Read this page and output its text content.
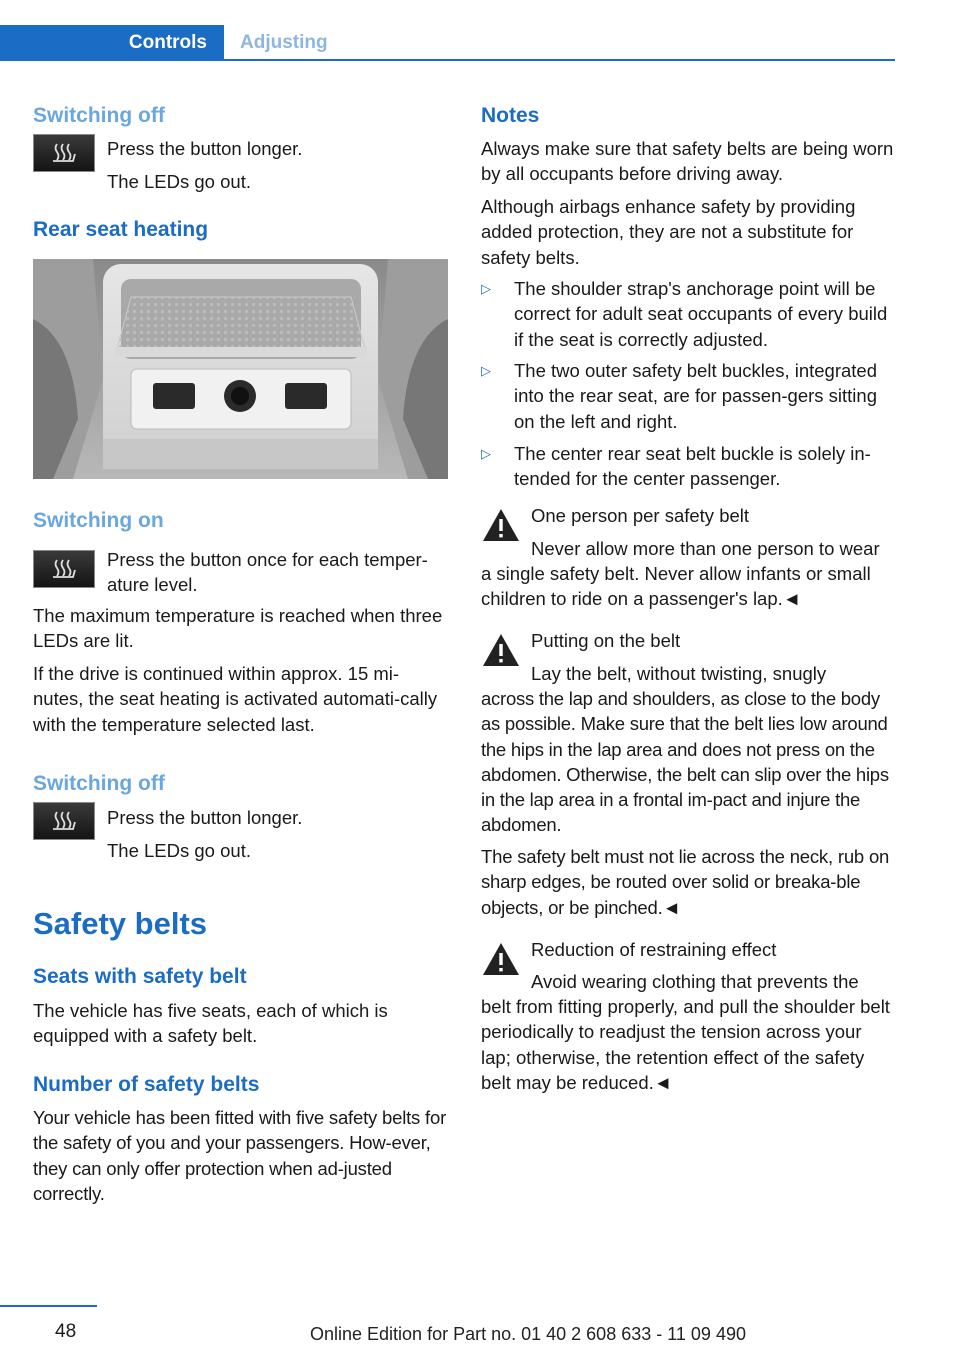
Controls	Adjusting
Switching off
Press the button longer.
The LEDs go out.
Rear seat heating
Switching on
Press the button once for each temper-
ature level.
The maximum temperature is reached when three LEDs are lit.
If the drive is continued within approx. 15 mi-nutes, the seat heating is activated automati-cally with the temperature selected last.
Switching off
Press the button longer.
The LEDs go out.
Safety belts
Seats with safety belt
The vehicle has five seats, each of which is equipped with a safety belt.
Number of safety belts
Your vehicle has been fitted with five safety belts for the safety of you and your passengers. How-ever, they can only offer protection when ad-justed correctly.
Notes
Always make sure that safety belts are being worn by all occupants before driving away.
Although airbags enhance safety by providing added protection, they are not a substitute for safety belts.
▷ The shoulder strap's anchorage point will be correct for adult seat occupants of every build if the seat is correctly adjusted.
▷ The two outer safety belt buckles, integrated into the rear seat, are for passen-gers sitting on the left and right.
▷ The center rear seat belt buckle is solely in-tended for the center passenger.
One person per safety belt
Never allow more than one person to wear
a single safety belt. Never allow infants or small children to ride on a passenger's lap.◄
Putting on the belt
Lay the belt, without twisting, snugly
across the lap and shoulders, as close to the body as possible. Make sure that the belt lies low around the hips in the lap area and does not press on the abdomen. Otherwise, the belt can slip over the hips in the lap area in a frontal im-pact and injure the abdomen.
The safety belt must not lie across the neck, rub on sharp edges, be routed over solid or breaka-ble objects, or be pinched.◄
Reduction of restraining effect
Avoid wearing clothing that prevents the
belt from fitting properly, and pull the shoulder belt periodically to readjust the tension across your lap; otherwise, the retention effect of the safety belt may be reduced.◄
48	Online Edition for Part no. 01 40 2 608 633 - 11 09 490
